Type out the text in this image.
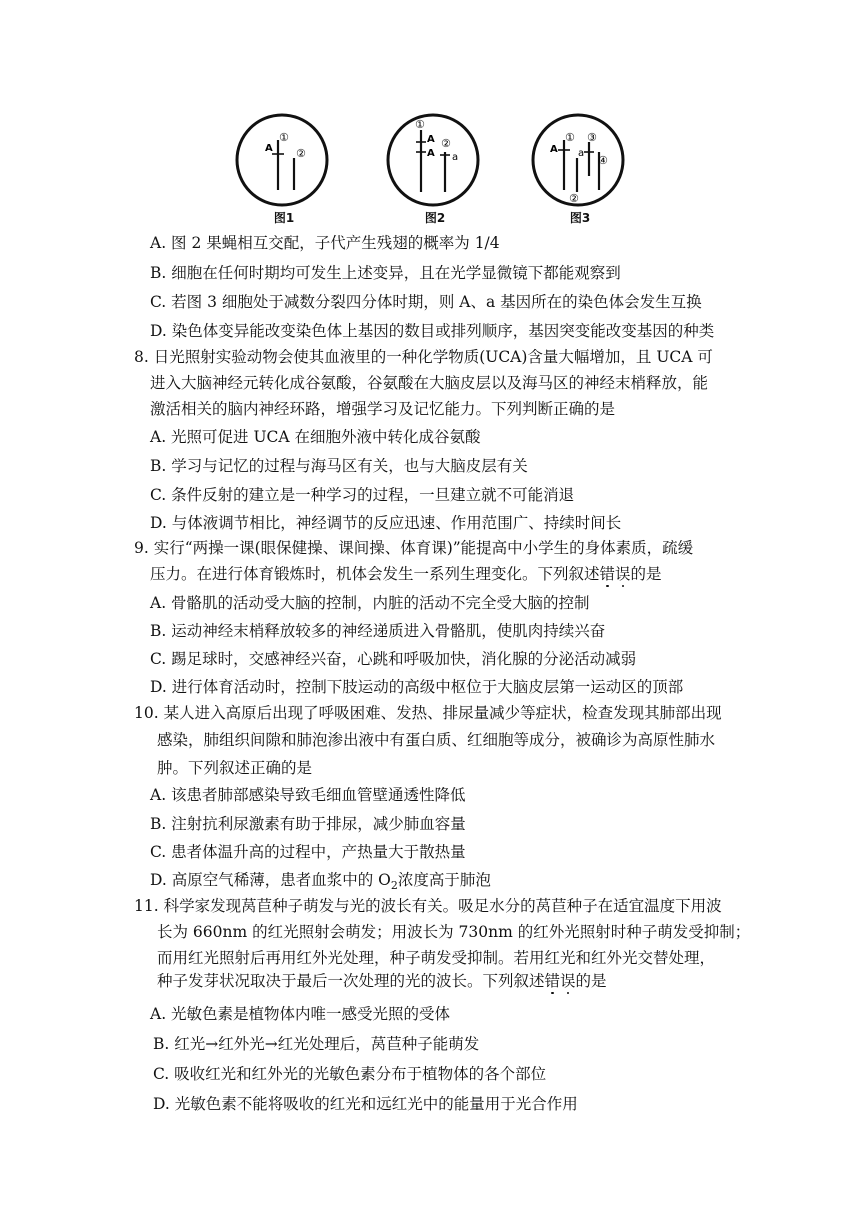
①
A ②
图1
①
A
A
②
a
图2
①
A
③
a
④
②
图3
A. 图 2 果蝇相互交配，子代产生残翅的概率为 1/4
B. 细胞在任何时期均可发生上述变异，且在光学显微镜下都能观察到
C. 若图 3 细胞处于减数分裂四分体时期，则 A、a 基因所在的染色体会发生互换
D. 染色体变异能改变染色体上基因的数目或排列顺序，基因突变能改变基因的种类
8. 日光照射实验动物会使其血液里的一种化学物质(UCA)含量大幅增加，且 UCA 可
进入大脑神经元转化成谷氨酸，谷氨酸在大脑皮层以及海马区的神经末梢释放，能
激活相关的脑内神经环路，增强学习及记忆能力。下列判断正确的是
A. 光照可促进 UCA 在细胞外液中转化成谷氨酸
B. 学习与记忆的过程与海马区有关，也与大脑皮层有关
C. 条件反射的建立是一种学习的过程，一旦建立就不可能消退
D. 与体液调节相比，神经调节的反应迅速、作用范围广、持续时间长
9. 实行“两操一课(眼保健操、课间操、体育课)”能提高中小学生的身体素质，疏缓
压力。在进行体育锻炼时，机体会发生一系列生理变化。下列叙述错误的是
A. 骨骼肌的活动受大脑的控制，内脏的活动不完全受大脑的控制
B. 运动神经末梢释放较多的神经递质进入骨骼肌，使肌肉持续兴奋
C. 踢足球时，交感神经兴奋，心跳和呼吸加快，消化腺的分泌活动减弱
D. 进行体育活动时，控制下肢运动的高级中枢位于大脑皮层第一运动区的顶部
10. 某人进入高原后出现了呼吸困难、发热、排尿量减少等症状，检查发现其肺部出现
感染，肺组织间隙和肺泡渗出液中有蛋白质、红细胞等成分，被确诊为高原性肺水
肿。下列叙述正确的是
A. 该患者肺部感染导致毛细血管壁通透性降低
B. 注射抗利尿激素有助于排尿，减少肺血容量
C. 患者体温升高的过程中，产热量大于散热量
D. 高原空气稀薄，患者血浆中的 $O_2$浓度高于肺泡
11. 科学家发现莴苣种子萌发与光的波长有关。吸足水分的莴苣种子在适宜温度下用波
长为 660nm 的红光照射会萌发；用波长为 730nm 的红外光照射时种子萌发受抑制；
而用红光照射后再用红外光处理，种子萌发受抑制。若用红光和红外光交替处理，
种子发芽状况取决于最后一次处理的光的波长。下列叙述错误的是
A. 光敏色素是植物体内唯一感受光照的受体
B. 红光→红外光→红光处理后，莴苣种子能萌发
C. 吸收红光和红外光的光敏色素分布于植物体的各个部位
D. 光敏色素不能将吸收的红光和远红光中的能量用于光合作用
